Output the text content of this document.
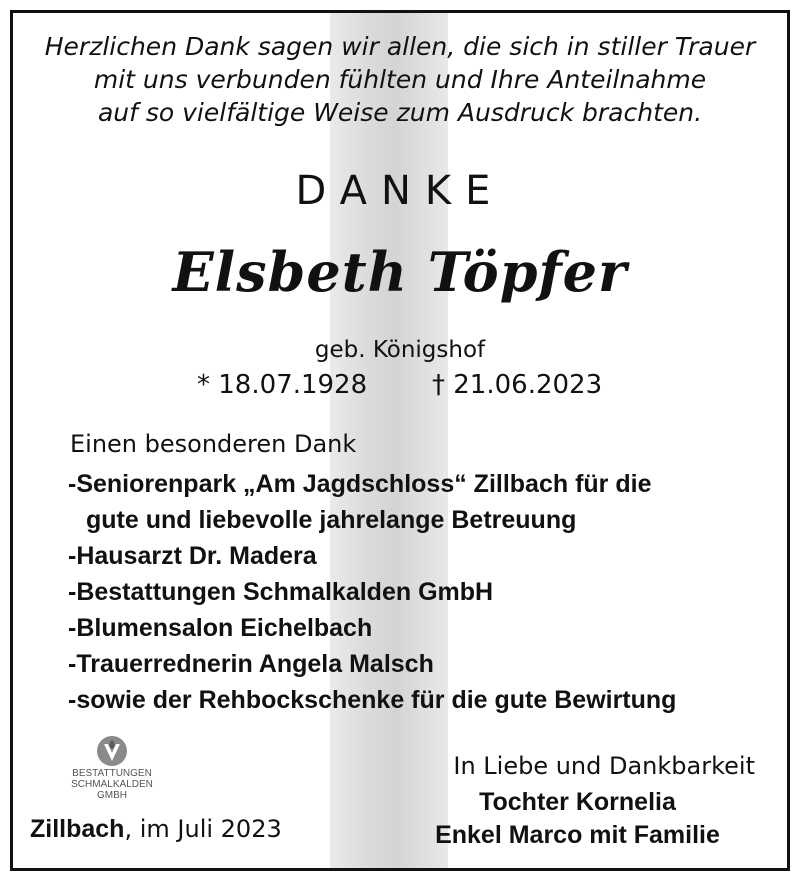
Herzlichen Dank sagen wir allen, die sich in stiller Trauer
mit uns verbunden fühlten und Ihre Anteilnahme
auf so vielfältige Weise zum Ausdruck brachten.
DANKE
Elsbeth Töpfer
geb. Königshof
* 18.07.1928 † 21.06.2023
Einen besonderen Dank
-Seniorenpark „Am Jagdschloss“ Zillbach für die
gute und liebevolle jahrelange Betreuung
-Hausarzt Dr. Madera
-Bestattungen Schmalkalden GmbH
-Blumensalon Eichelbach
-Trauerrednerin Angela Malsch
-sowie der Rehbockschenke für die gute Bewirtung
BESTATTUNGEN
SCHMALKALDEN
GMBH
Zillbach, im Juli 2023
In Liebe und Dankbarkeit
Tochter Kornelia
Enkel Marco mit Familie
